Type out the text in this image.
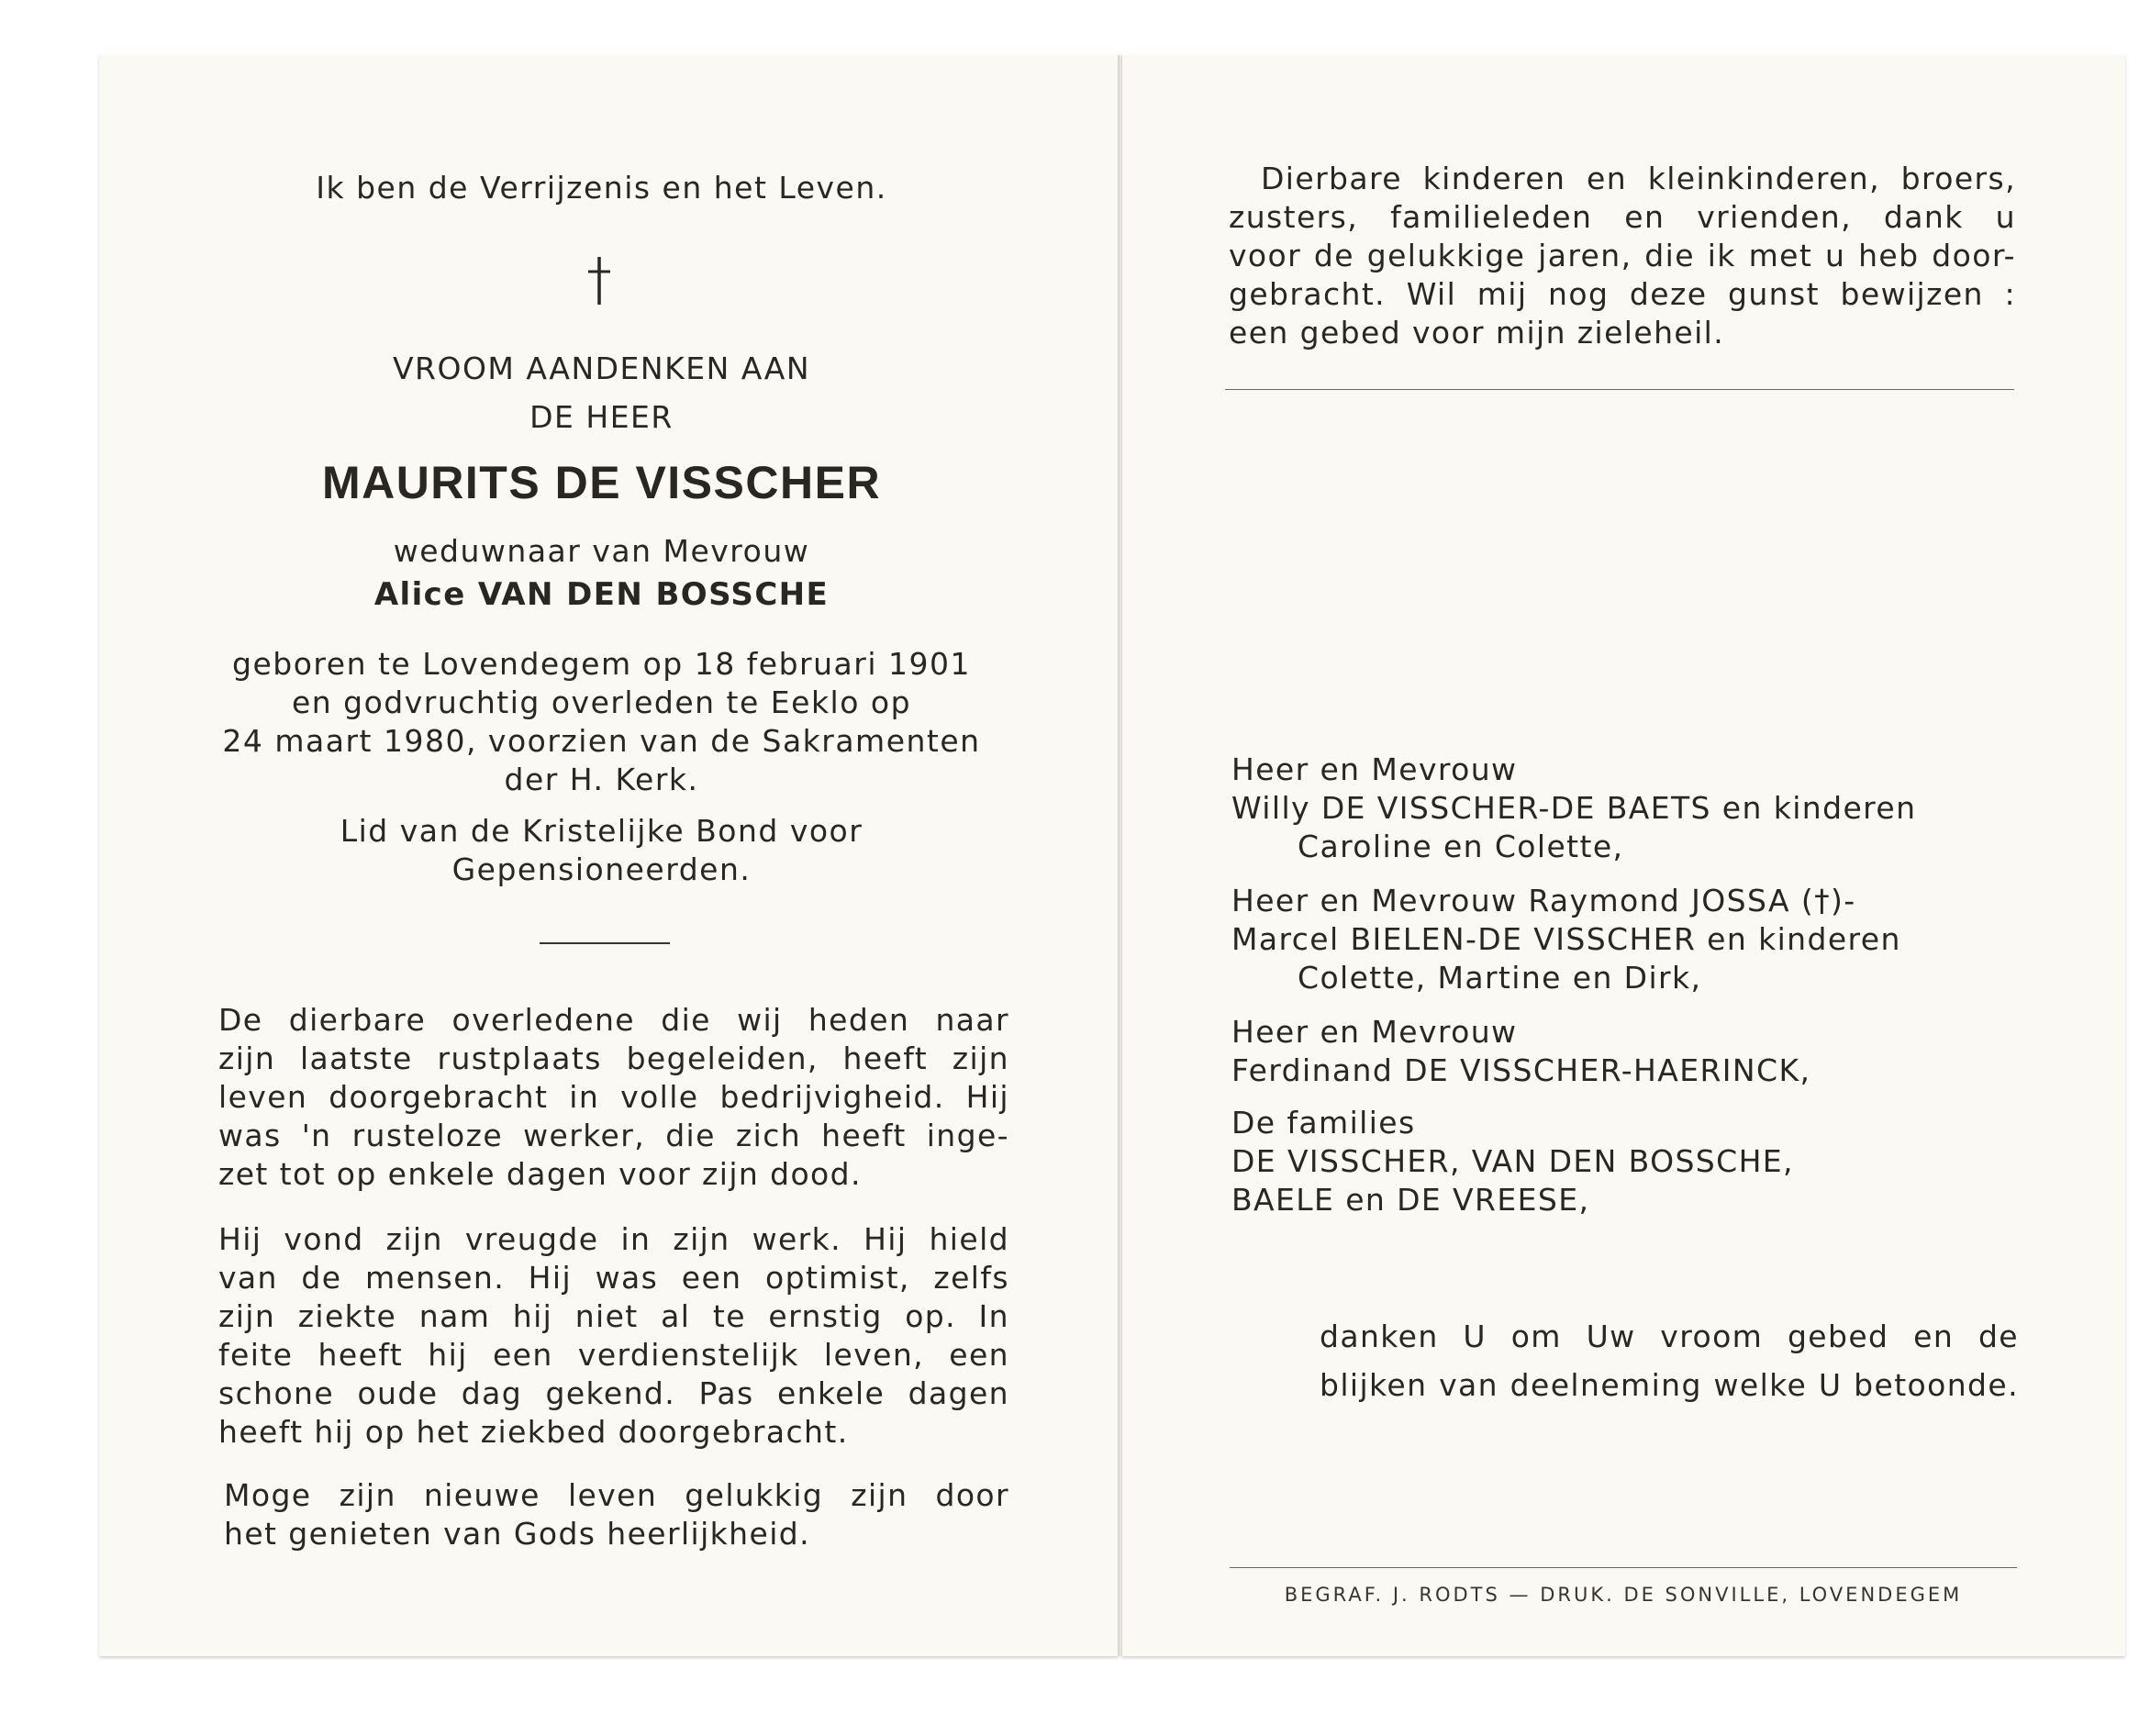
Ik ben de Verrijzenis en het Leven.
VROOM AANDENKEN AAN
DE HEER
MAURITS DE VISSCHER
weduwnaar van Mevrouw
Alice VAN DEN BOSSCHE
geboren te Lovendegem op 18 februari 1901
en godvruchtig overleden te Eeklo op
24 maart 1980, voorzien van de Sakramenten
der H. Kerk.
Lid van de Kristelijke Bond voor
Gepensioneerden.
De dierbare overledene die wij heden naar
zijn laatste rustplaats begeleiden, heeft zijn
leven doorgebracht in volle bedrijvigheid. Hij
was 'n rusteloze werker, die zich heeft inge-
zet tot op enkele dagen voor zijn dood.
Hij vond zijn vreugde in zijn werk. Hij hield
van de mensen. Hij was een optimist, zelfs
zijn ziekte nam hij niet al te ernstig op. In
feite heeft hij een verdienstelijk leven, een
schone oude dag gekend. Pas enkele dagen
heeft hij op het ziekbed doorgebracht.
Moge zijn nieuwe leven gelukkig zijn door
het genieten van Gods heerlijkheid.
Dierbare kinderen en kleinkinderen, broers,
zusters, familieleden en vrienden, dank u
voor de gelukkige jaren, die ik met u heb door-
gebracht. Wil mij nog deze gunst bewijzen :
een gebed voor mijn zieleheil.
Heer en Mevrouw
Willy DE VISSCHER-DE BAETS en kinderen
Caroline en Colette,
Heer en Mevrouw Raymond JOSSA (†)-
Marcel BIELEN-DE VISSCHER en kinderen
Colette, Martine en Dirk,
Heer en Mevrouw
Ferdinand DE VISSCHER-HAERINCK,
De families
DE VISSCHER, VAN DEN BOSSCHE,
BAELE en DE VREESE,
danken U om Uw vroom gebed en de
blijken van deelneming welke U betoonde.
BEGRAF. J. RODTS — DRUK. DE SONVILLE, LOVENDEGEM
